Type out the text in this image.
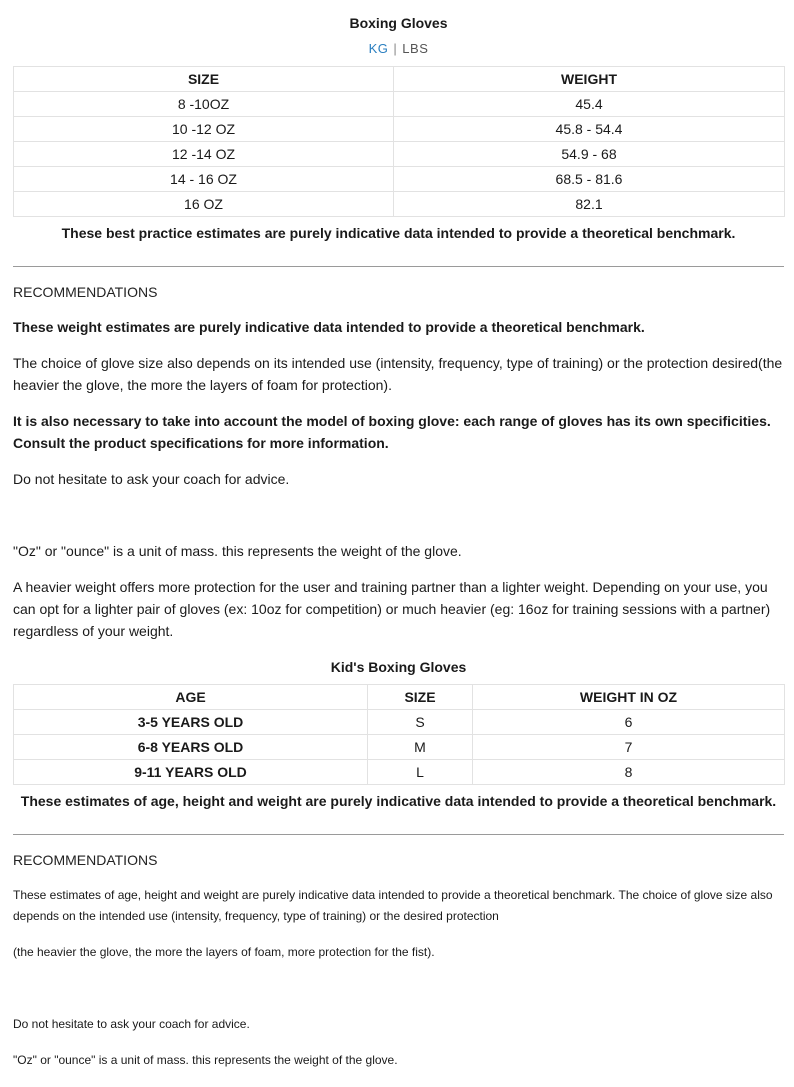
Boxing Gloves

KG | LBS
SIZE	WEIGHT
8 -10OZ	45.4
10 -12 OZ	45.8 - 54.4
12 -14 OZ	54.9 - 68
14 - 16 OZ	68.5 - 81.6
16 OZ	82.1

These best practice estimates are purely indicative data intended to provide a theoretical benchmark.

RECOMMENDATIONS

These weight estimates are purely indicative data intended to provide a theoretical benchmark.

The choice of glove size also depends on its intended use (intensity, frequency, type of training) or the protection desired(the heavier the glove, the more the layers of foam for protection).

It is also necessary to take into account the model of boxing glove: each range of gloves has its own specificities. Consult the product specifications for more information.

Do not hesitate to ask your coach for advice.

"Oz" or "ounce" is a unit of mass. this represents the weight of the glove.

A heavier weight offers more protection for the user and training partner than a lighter weight. Depending on your use, you can opt for a lighter pair of gloves (ex: 10oz for competition) or much heavier (eg: 16oz for training sessions with a partner) regardless of your weight.

Kid's Boxing Gloves

AGE	SIZE	WEIGHT IN OZ
3-5 YEARS OLD	S	6
6-8 YEARS OLD	M	7
9-11 YEARS OLD	L	8

These estimates of age, height and weight are purely indicative data intended to provide a theoretical benchmark.

RECOMMENDATIONS

These estimates of age, height and weight are purely indicative data intended to provide a theoretical benchmark. The choice of glove size also depends on the intended use (intensity, frequency, type of training) or the desired protection

(the heavier the glove, the more the layers of foam, more protection for the fist).

Do not hesitate to ask your coach for advice.

"Oz" or "ounce" is a unit of mass. this represents the weight of the glove.
